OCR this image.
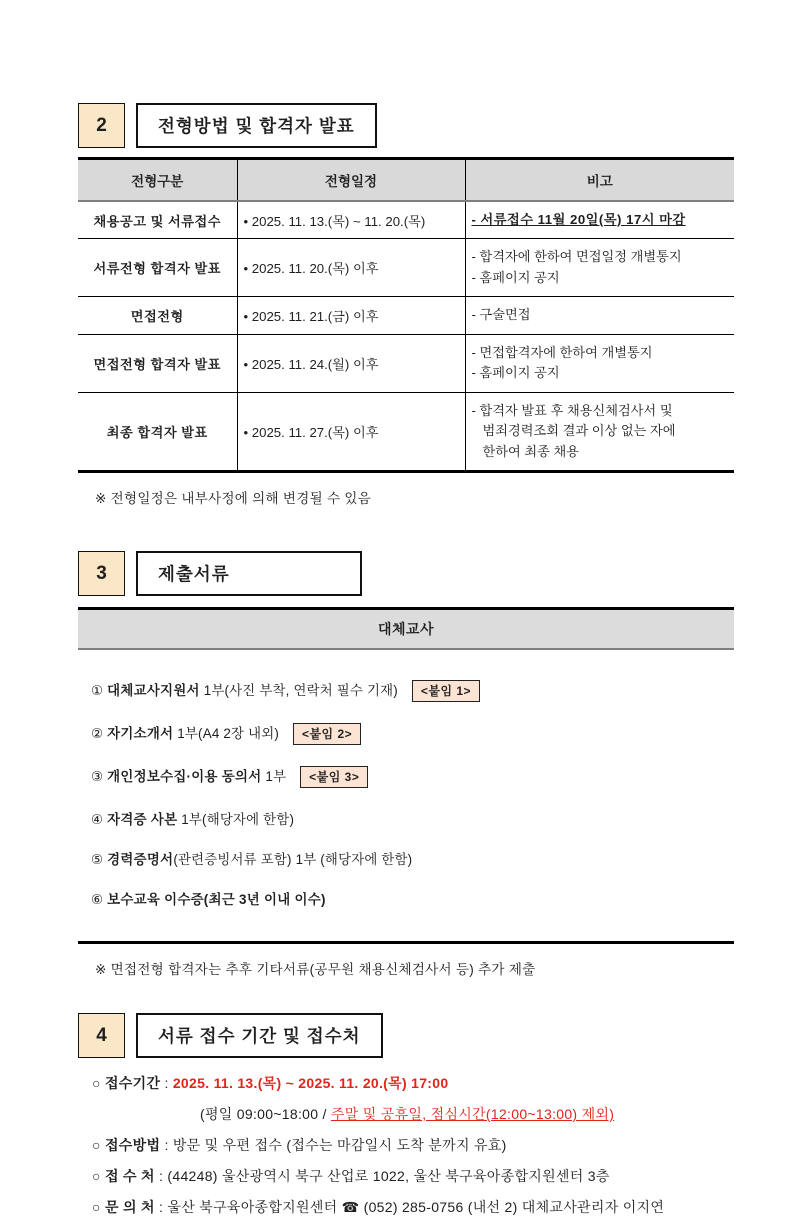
2	전형방법 및 합격자 발표
전형구분	전형일정	비고
채용공고 및 서류접수	• 2025. 11. 13.(목) ~ 11. 20.(목)	- 서류접수 11월 20일(목) 17시 마감

서류전형 합격자 발표	• 2025. 11. 20.(목) 이후	- 합격자에 한하여 면접일정 개별통지
- 홈페이지 공지

면접전형	• 2025. 11. 21.(금) 이후	- 구술면접

면접전형 합격자 발표	• 2025. 11. 24.(월) 이후	- 면접합격자에 한하여 개별통지
- 홈페이지 공지

최종 합격자 발표	• 2025. 11. 27.(목) 이후	- 합격자 발표 후 채용신체검사서 및
범죄경력조회 결과 이상 없는 자에
한하여 최종 채용
※ 전형일정은 내부사정에 의해 변경될 수 있음
3	제출서류
대체교사
① 대체교사지원서 1부(사진 부착, 연락처 필수 기재) <붙임 1>
② 자기소개서 1부(A4 2장 내외) <붙임 2>
③ 개인정보수집·이용 동의서 1부 <붙임 3>
④ 자격증 사본 1부(해당자에 한함)
⑤ 경력증명서(관련증빙서류 포함) 1부 (해당자에 한함)
⑥ 보수교육 이수증(최근 3년 이내 이수)
※ 면접전형 합격자는 추후 기타서류(공무원 채용신체검사서 등) 추가 제출
4	서류 접수 기간 및 접수처
○ 접수기간 : 2025. 11. 13.(목) ~ 2025. 11. 20.(목) 17:00
(평일 09:00~18:00 / 주말 및 공휴일, 점심시간(12:00~13:00) 제외)
○ 접수방법 : 방문 및 우편 접수 (접수는 마감일시 도착 분까지 유효)
○ 접 수 처 : (44248) 울산광역시 북구 산업로 1022, 울산 북구육아종합지원센터 3층
○ 문 의 처 : 울산 북구육아종합지원센터 ☎ (052) 285-0756 (내선 2) 대체교사관리자 이지연
